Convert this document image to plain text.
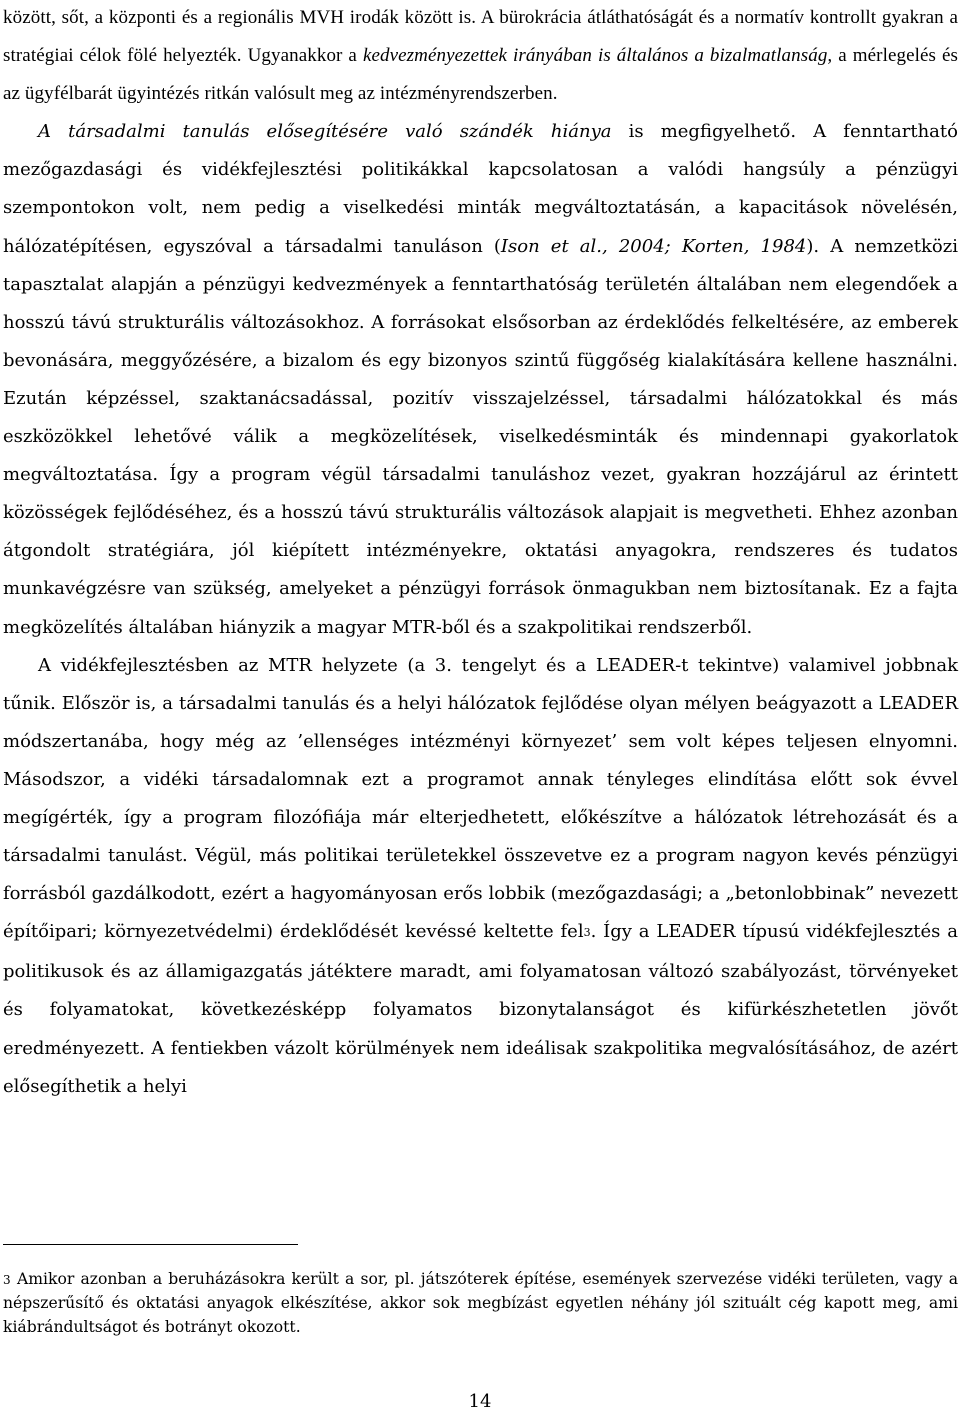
között, sőt, a központi és a regionális MVH irodák között is. A bürokrácia átláthatóságát és a normatív kontrollt gyakran a stratégiai célok fölé helyezték. Ugyanakkor a kedvezményezettek irányában is általános a bizalmatlanság, a mérlegelés és az ügyfélbarát ügyintézés ritkán valósult meg az intézményrendszerben.

A társadalmi tanulás elősegítésére való szándék hiánya is megfigyelhető. A fenntartható mezőgazdasági és vidékfejlesztési politikákkal kapcsolatosan a valódi hangsúly a pénzügyi szempontokon volt, nem pedig a viselkedési minták megváltoztatásán, a kapacitások növelésén, hálózatépítésen, egyszóval a társadalmi tanuláson (Ison et al., 2004; Korten, 1984). A nemzetközi tapasztalat alapján a pénzügyi kedvezmények a fenntarthatóság területén általában nem elegendőek a hosszú távú strukturális változásokhoz. A forrásokat elsősorban az érdeklődés felkeltésére, az emberek bevonására, meggyőzésére, a bizalom és egy bizonyos szintű függőség kialakítására kellene használni. Ezután képzéssel, szaktanácsadással, pozitív visszajelzéssel, társadalmi hálózatokkal és más eszközökkel lehetővé válik a megközelítések, viselkedésminták és mindennapi gyakorlatok megváltoztatása. Így a program végül társadalmi tanuláshoz vezet, gyakran hozzájárul az érintett közösségek fejlődéséhez, és a hosszú távú strukturális változások alapjait is megvetheti. Ehhez azonban átgondolt stratégiára, jól kiépített intézményekre, oktatási anyagokra, rendszeres és tudatos munkavégzésre van szükség, amelyeket a pénzügyi források önmagukban nem biztosítanak. Ez a fajta megközelítés általában hiányzik a magyar MTR-ből és a szakpolitikai rendszerből.

A vidékfejlesztésben az MTR helyzete (a 3. tengelyt és a LEADER-t tekintve) valamivel jobbnak tűnik. Először is, a társadalmi tanulás és a helyi hálózatok fejlődése olyan mélyen beágyazott a LEADER módszertanába, hogy még az ’ellenséges intézményi környezet’ sem volt képes teljesen elnyomni. Másodszor, a vidéki társadalomnak ezt a programot annak tényleges elindítása előtt sok évvel megígérték, így a program filozófiája már elterjedhetett, előkészítve a hálózatok létrehozását és a társadalmi tanulást. Végül, más politikai területekkel összevetve ez a program nagyon kevés pénzügyi forrásból gazdálkodott, ezért a hagyományosan erős lobbik (mezőgazdasági; a „betonlobbinak” nevezett építőipari; környezetvédelmi) érdeklődését kevéssé keltette fel$^3$. Így a LEADER típusú vidékfejlesztés a politikusok és az államigazgatás játéktere maradt, ami folyamatosan változó szabályozást, törvényeket és folyamatokat, következésképp folyamatos bizonytalanságot és kifürkészhetetlen jövőt eredményezett. A fentiekben vázolt körülmények nem ideálisak szakpolitika megvalósításához, de azért elősegíthetik a helyi

3 Amikor azonban a beruházásokra került a sor, pl. játszóterek építése, események szervezése vidéki területen, vagy a népszerűsítő és oktatási anyagok elkészítése, akkor sok megbízást egyetlen néhány jól szituált cég kapott meg, ami kiábrándultságot és botrányt okozott.

14
